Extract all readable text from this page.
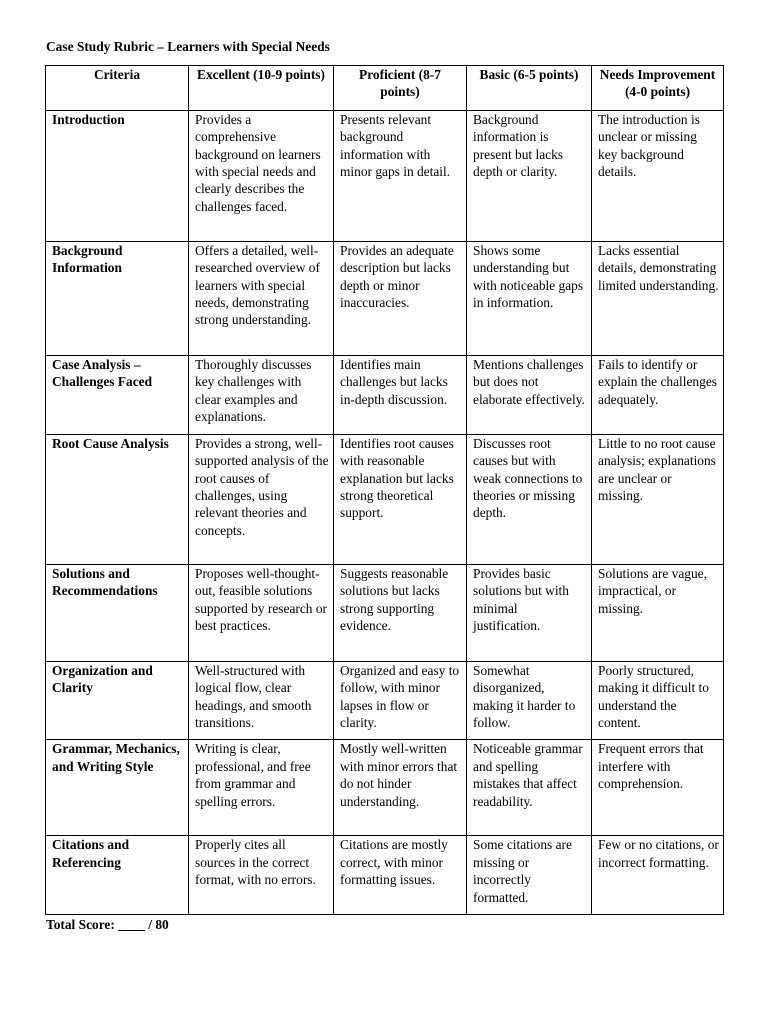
Case Study Rubric – Learners with Special Needs
Criteria	Excellent (10-9 points)	Proficient (8-7 points)	Basic (6-5 points)	Needs Improvement (4-0 points)
Introduction	Provides a comprehensive background on learners with special needs and clearly describes the challenges faced.	Presents relevant background information with minor gaps in detail.	Background information is present but lacks depth or clarity.	The introduction is unclear or missing key background details.
Background Information	Offers a detailed, well-researched overview of learners with special needs, demonstrating strong understanding.	Provides an adequate description but lacks depth or minor inaccuracies.	Shows some understanding but with noticeable gaps in information.	Lacks essential details, demonstrating limited understanding.
Case Analysis – Challenges Faced	Thoroughly discusses key challenges with clear examples and explanations.	Identifies main challenges but lacks in-depth discussion.	Mentions challenges but does not elaborate effectively.	Fails to identify or explain the challenges adequately.
Root Cause Analysis	Provides a strong, well-supported analysis of the root causes of challenges, using relevant theories and concepts.	Identifies root causes with reasonable explanation but lacks strong theoretical support.	Discusses root causes but with weak connections to theories or missing depth.	Little to no root cause analysis; explanations are unclear or missing.
Solutions and Recommendations	Proposes well-thought-out, feasible solutions supported by research or best practices.	Suggests reasonable solutions but lacks strong supporting evidence.	Provides basic solutions but with minimal justification.	Solutions are vague, impractical, or missing.
Organization and Clarity	Well-structured with logical flow, clear headings, and smooth transitions.	Organized and easy to follow, with minor lapses in flow or clarity.	Somewhat disorganized, making it harder to follow.	Poorly structured, making it difficult to understand the content.
Grammar, Mechanics, and Writing Style	Writing is clear, professional, and free from grammar and spelling errors.	Mostly well-written with minor errors that do not hinder understanding.	Noticeable grammar and spelling mistakes that affect readability.	Frequent errors that interfere with comprehension.
Citations and Referencing	Properly cites all sources in the correct format, with no errors.	Citations are mostly correct, with minor formatting issues.	Some citations are missing or incorrectly formatted.	Few or no citations, or incorrect formatting.
Total Score: ____ / 80
